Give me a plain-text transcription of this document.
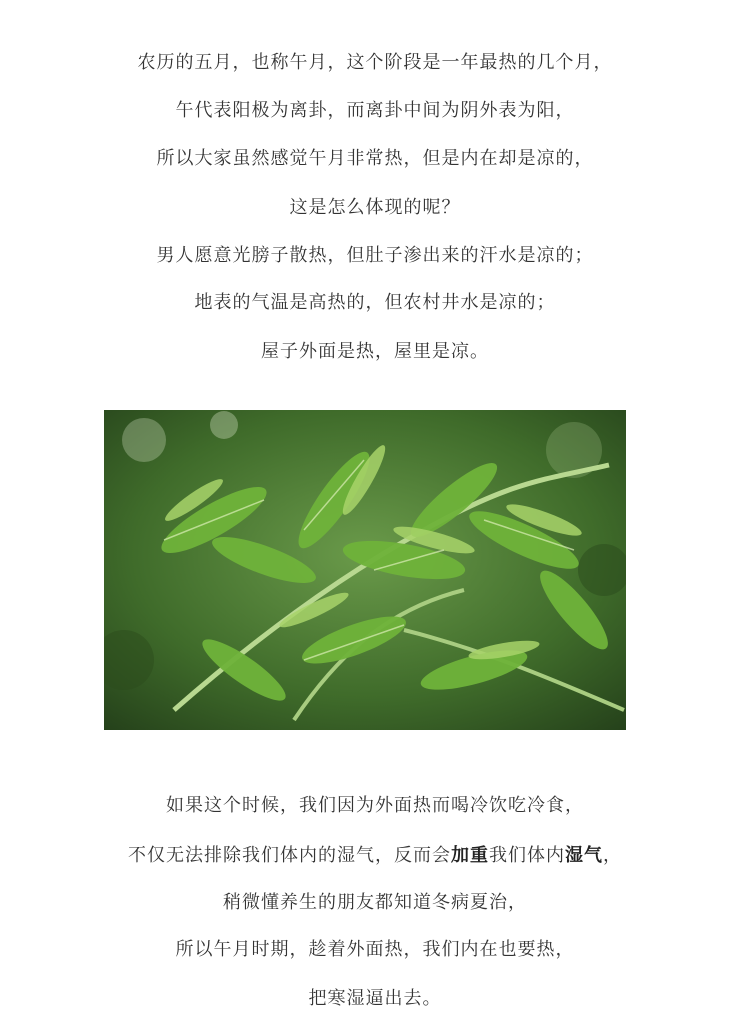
农历的五月，也称午月，这个阶段是一年最热的几个月，
午代表阳极为离卦，而离卦中间为阴外表为阳，
所以大家虽然感觉午月非常热，但是内在却是凉的，
这是怎么体现的呢？
男人愿意光膀子散热，但肚子渗出来的汗水是凉的；
地表的气温是高热的，但农村井水是凉的；
屋子外面是热，屋里是凉。
如果这个时候，我们因为外面热而喝冷饮吃冷食，
不仅无法排除我们体内的湿气，反而会加重我们体内湿气，
稍微懂养生的朋友都知道冬病夏治，
所以午月时期，趁着外面热，我们内在也要热，
把寒湿逼出去。
